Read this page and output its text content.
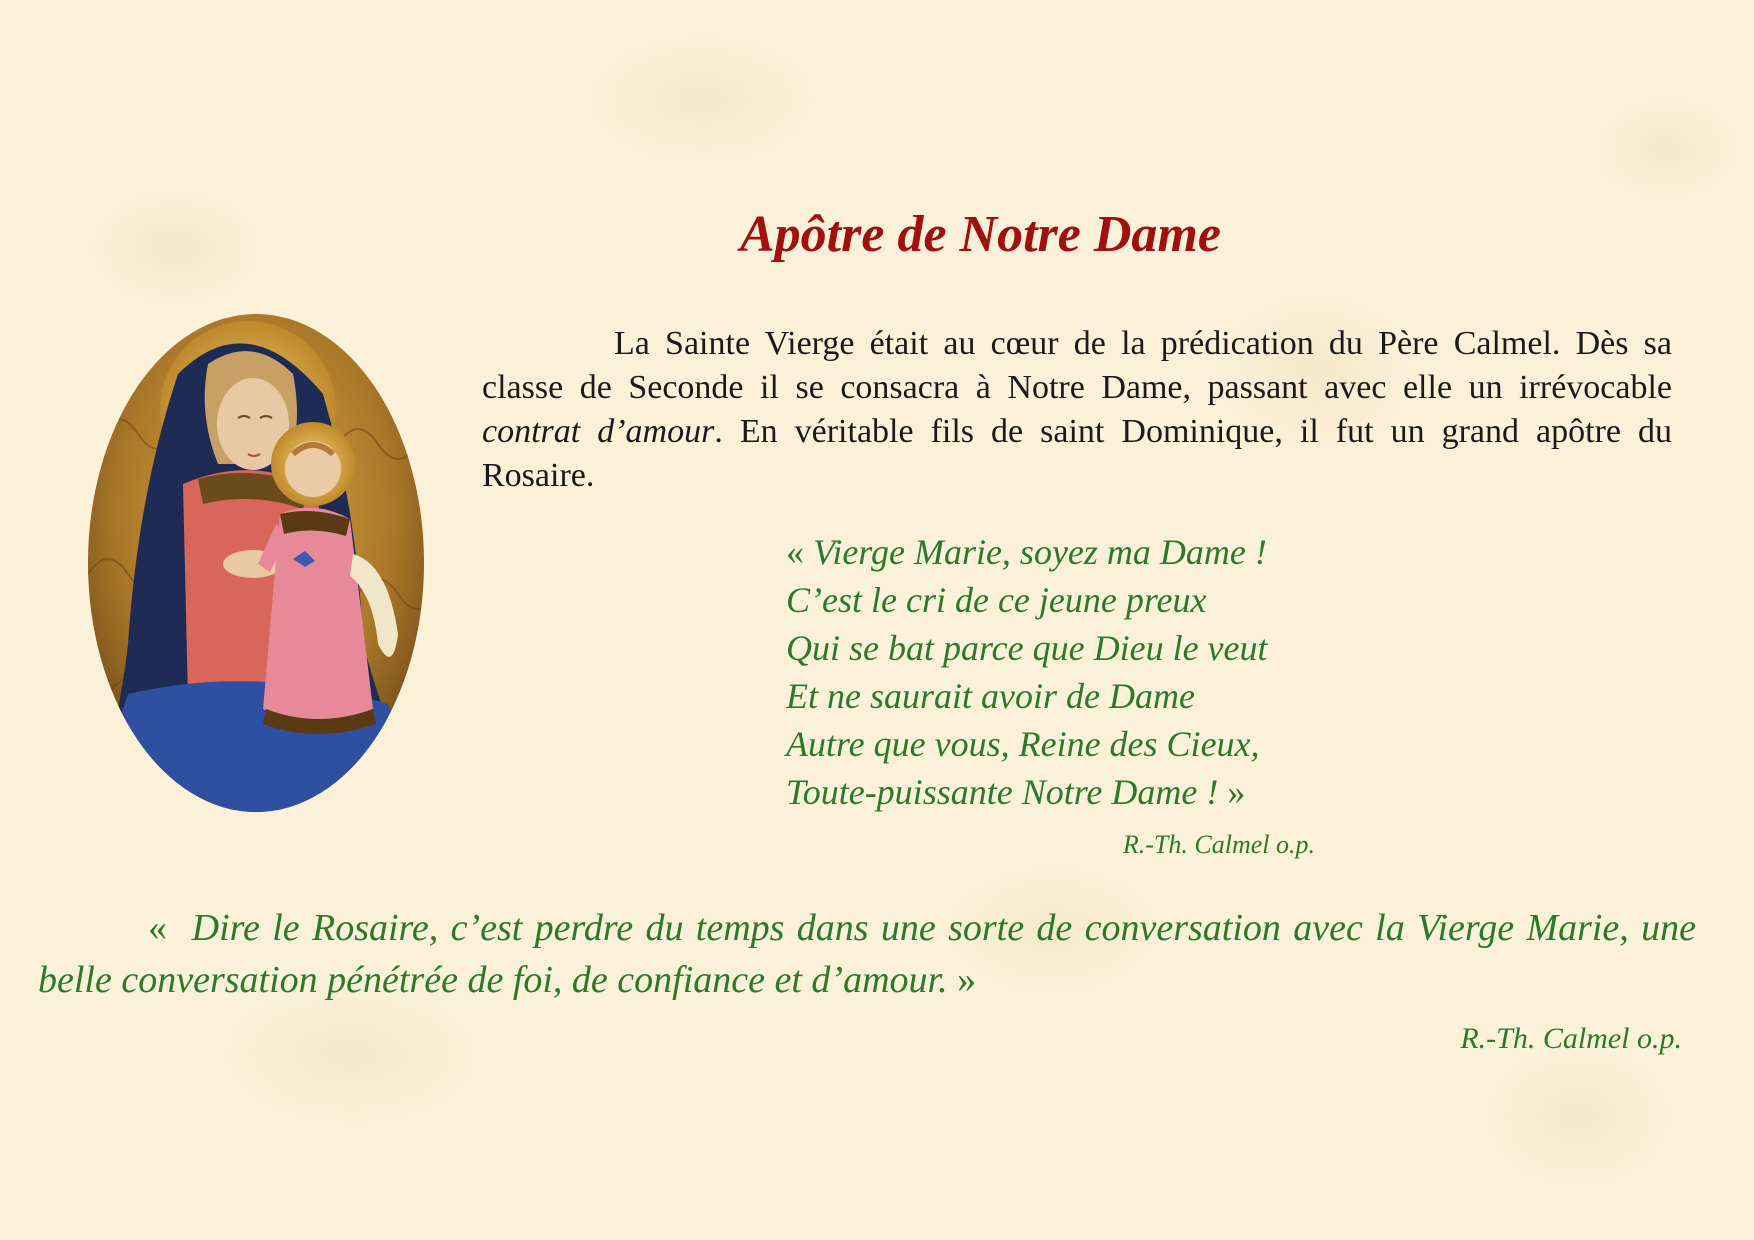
Apôtre de Notre Dame

La Sainte Vierge était au cœur de la prédication du Père Calmel. Dès sa classe de Seconde il se consacra à Notre Dame, passant avec elle un irrévocable contrat d’amour. En véritable fils de saint Dominique, il fut un grand apôtre du Rosaire.

« Vierge Marie, soyez ma Dame !
C’est le cri de ce jeune preux
Qui se bat parce que Dieu le veut
Et ne saurait avoir de Dame
Autre que vous, Reine des Cieux,
Toute-puissante Notre Dame ! »
R.-Th. Calmel o.p.

« Dire le Rosaire, c’est perdre du temps dans une sorte de conversation avec la Vierge Marie, une belle conversation pénétrée de foi, de confiance et d’amour. »

R.-Th. Calmel o.p.
